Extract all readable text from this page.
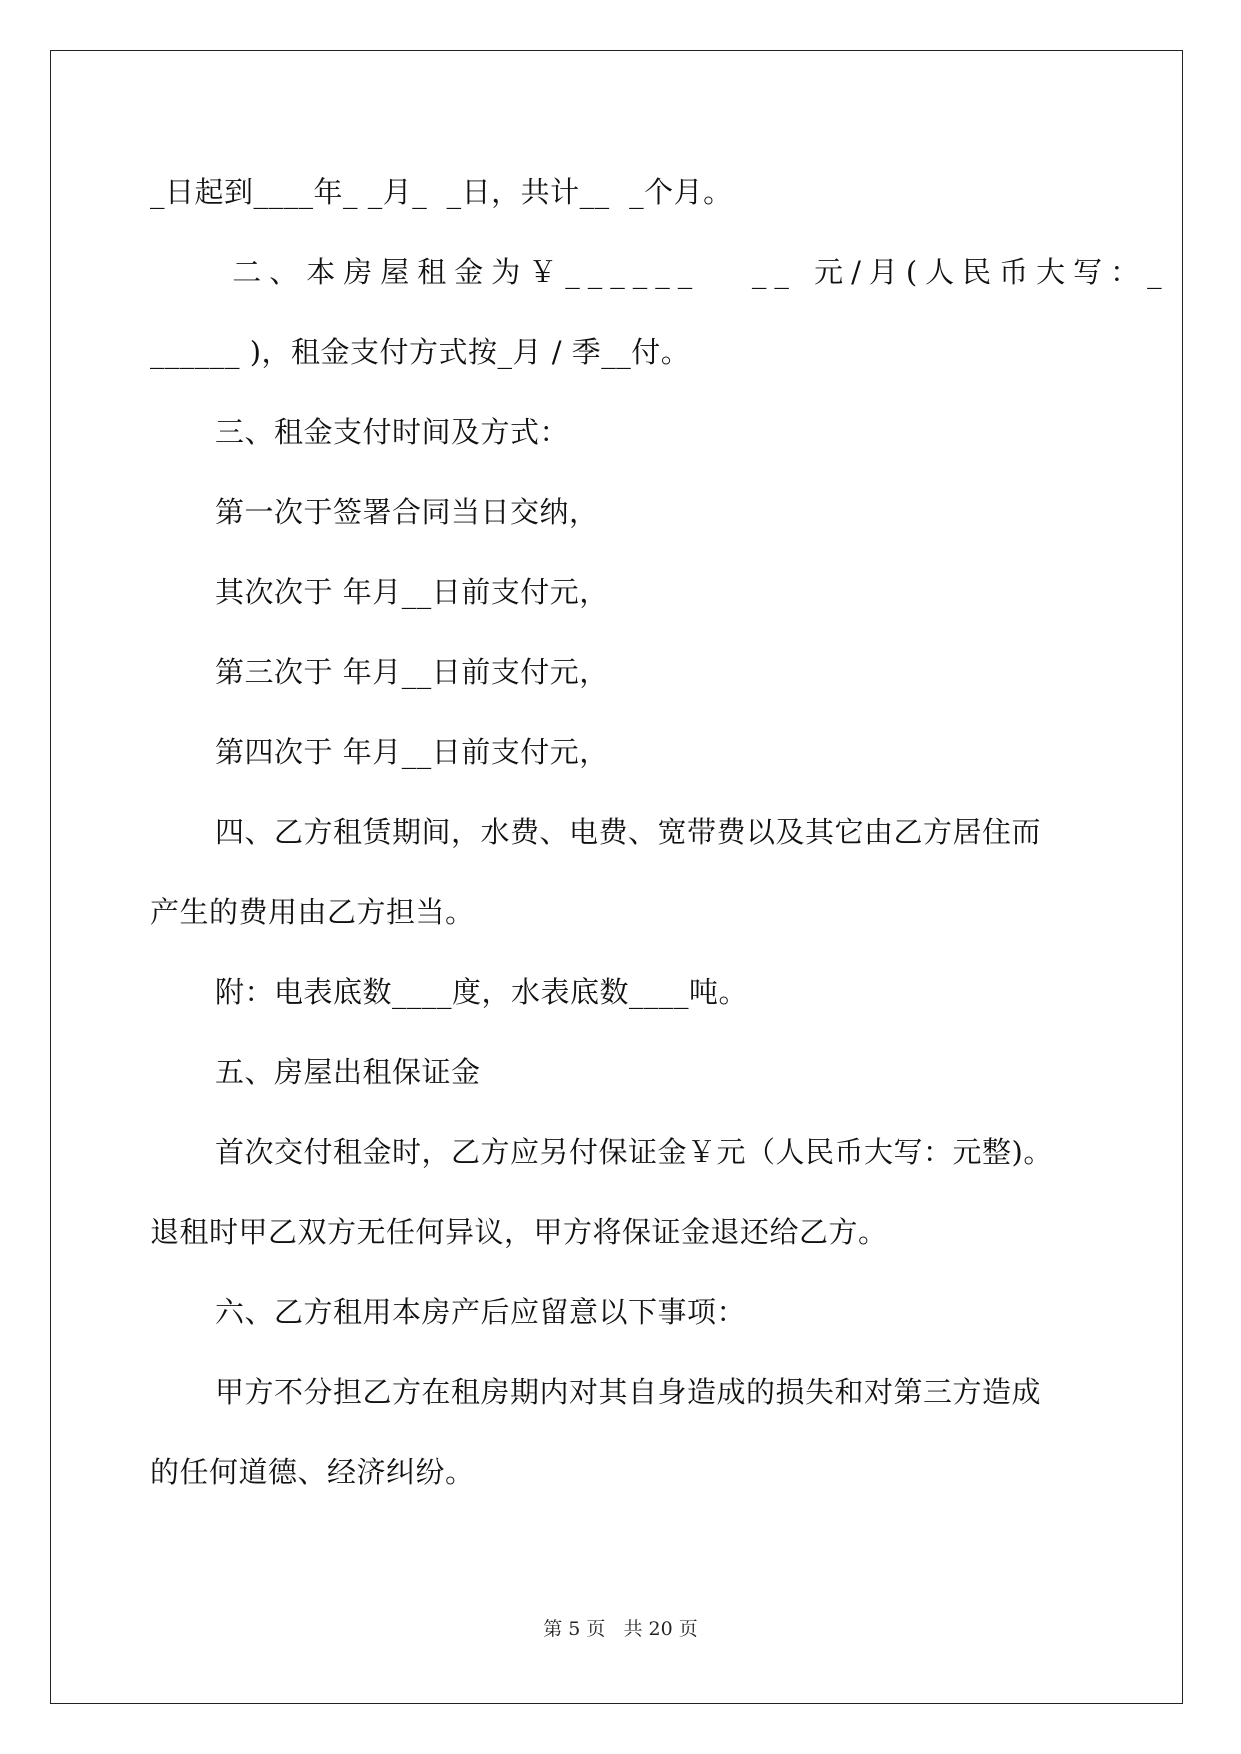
_日起到____年_ _月_  _日，共计__  _个月。
二、本房屋租金为￥______   __ 元/月(人民币大写：_
______ )，租金支付方式按_月 / 季__付。
三、租金支付时间及方式：
第一次于签署合同当日交纳，
其次次于 年月__日前支付元，
第三次于 年月__日前支付元，
第四次于 年月__日前支付元，
四、乙方租赁期间，水费、电费、宽带费以及其它由乙方居住而
产生的费用由乙方担当。
附：电表底数____度，水表底数____吨。
五、房屋出租保证金
首次交付租金时，乙方应另付保证金￥元（人民币大写：元整)。
退租时甲乙双方无任何异议，甲方将保证金退还给乙方。
六、乙方租用本房产后应留意以下事项：
甲方不分担乙方在租房期内对其自身造成的损失和对第三方造成
的任何道德、经济纠纷。
第 5 页   共 20 页
